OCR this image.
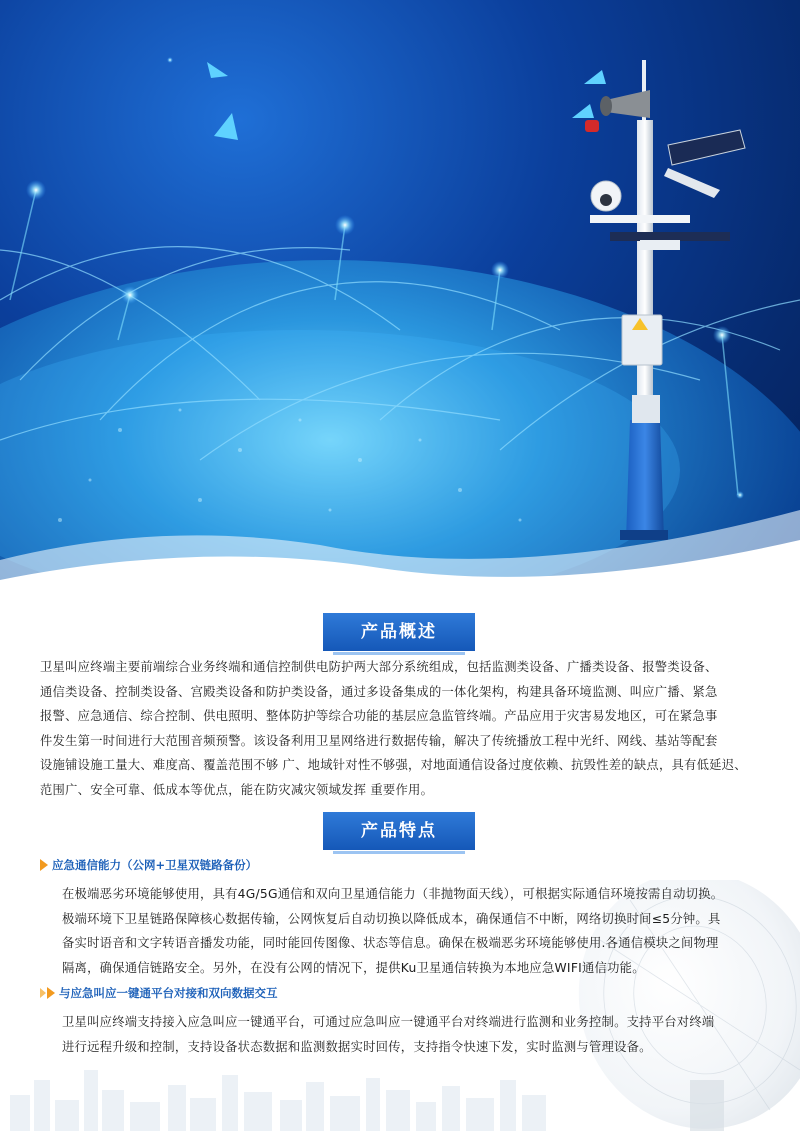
产品概述
卫星叫应终端主要前端综合业务终端和通信控制供电防护两大部分系统组成，包括监测类设备、广播类设备、报警类设备、
通信类设备、控制类设备、宫殿类设备和防护类设备，通过多设备集成的一体化架构，构建具备环境监测、叫应广播、紧急
报警、应急通信、综合控制、供电照明、整体防护等综合功能的基层应急监管终端。产品应用于灾害易发地区，可在紧急事
件发生第一时间进行大范围音频预警。该设备利用卫星网络进行数据传输，解决了传统播放工程中光纤、网线、基站等配套
设施铺设施工量大、难度高、覆盖范围不够 广、地域针对性不够强，对地面通信设备过度依赖、抗毁性差的缺点，具有低延迟、
范围广、安全可靠、低成本等优点，能在防灾减灾领域发挥 重要作用。
产品特点
应急通信能力（公网+卫星双链路备份）
在极端恶劣环境能够使用，具有4G/5G通信和双向卫星通信能力（非抛物面天线），可根据实际通信环境按需自动切换。
极端环境下卫星链路保障核心数据传输，公网恢复后自动切换以降低成本，确保通信不中断，网络切换时间≤5分钟。具
备实时语音和文字转语音播发功能，同时能回传图像、状态等信息。确保在极端恶劣环境能够使用.各通信模块之间物理
隔离，确保通信链路安全。另外，在没有公网的情况下，提供Ku卫星通信转换为本地应急WIFI通信功能。
与应急叫应一键通平台对接和双向数据交互
卫星叫应终端支持接入应急叫应一键通平台，可通过应急叫应一键通平台对终端进行监测和业务控制。支持平台对终端
进行远程升级和控制，支持设备状态数据和监测数据实时回传，支持指令快速下发，实时监测与管理设备。
